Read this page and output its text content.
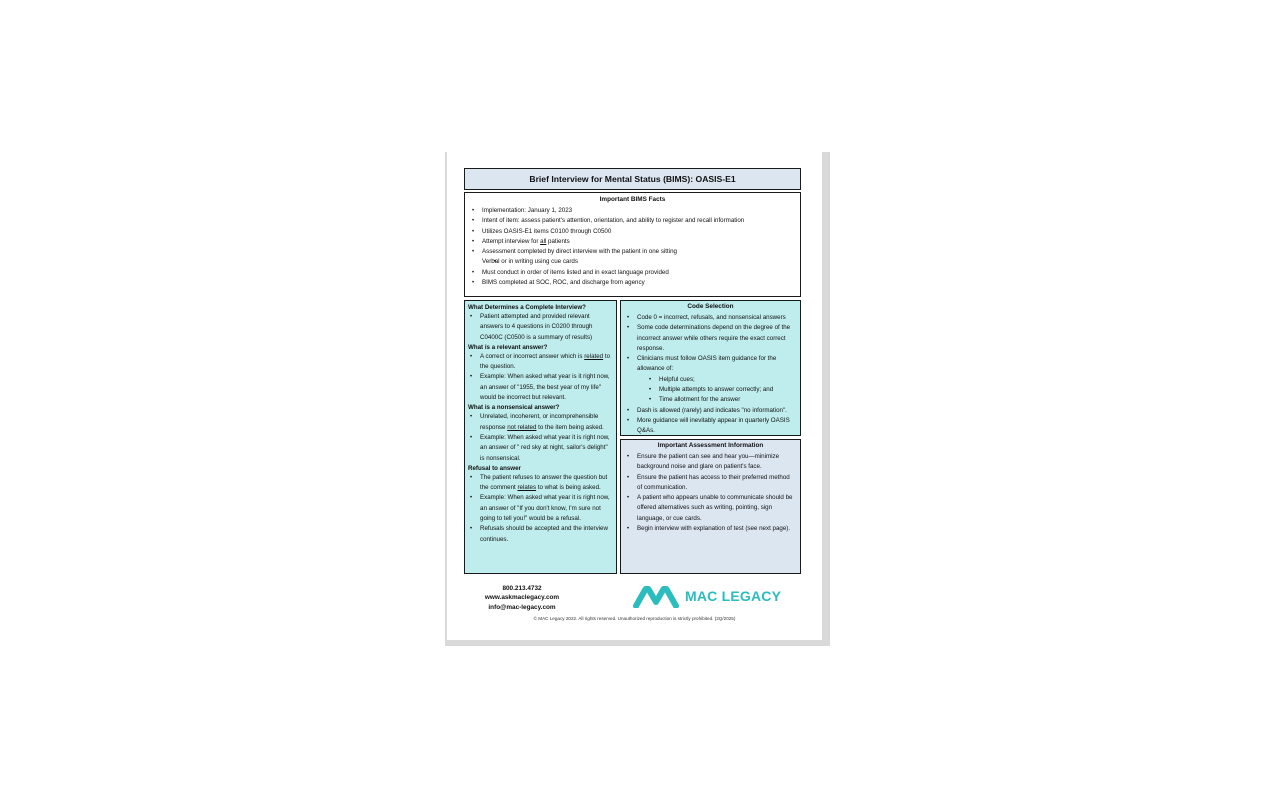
Brief Interview for Mental Status (BIMS): OASIS-E1
Important BIMS Facts
• Implementation: January 1, 2023
• Intent of item: assess patient's attention, orientation, and ability to register and recall information
• Utilizes OASIS-E1 items C0100 through C0500
• Attempt interview for all patients
• Assessment completed by direct interview with the patient in one sitting
• Verbal or in writing using cue cards
• Must conduct in order of items listed and in exact language provided
• BIMS completed at SOC, ROC, and discharge from agency
What Determines a Complete Interview?
• Patient attempted and provided relevant answers to 4 questions in C0200 through C0400C (C0500 is a summary of results)
What is a relevant answer?
• A correct or incorrect answer which is related to the question.
• Example: When asked what year is it right now, an answer of "1955, the best year of my life" would be incorrect but relevant.
What is a nonsensical answer?
• Unrelated, incoherent, or incomprehensible response not related to the item being asked.
• Example: When asked what year it is right now, an answer of " red sky at night, sailor's delight" is nonsensical.
Refusal to answer
• The patient refuses to answer the question but the comment relates to what is being asked.
• Example: When asked what year it is right now, an answer of "If you don't know, I'm sure not going to tell you!" would be a refusal.
• Refusals should be accepted and the interview continues.
Code Selection
• Code 0 = incorrect, refusals, and nonsensical answers
• Some code determinations depend on the degree of the incorrect answer while others require the exact correct response.
• Clinicians must follow OASIS item guidance for the allowance of:
• Helpful cues;
• Multiple attempts to answer correctly; and
• Time allotment for the answer
• Dash is allowed (rarely) and indicates "no information".
• More guidance will inevitably appear in quarterly OASIS Q&As.
Important Assessment Information
• Ensure the patient can see and hear you—minimize background noise and glare on patient's face.
• Ensure the patient has access to their preferred method of communication.
• A patient who appears unable to communicate should be offered alternatives such as writing, pointing, sign language, or cue cards.
• Begin interview with explanation of test (see next page).
800.213.4732
www.askmaclegacy.com
info@mac-legacy.com
MAC LEGACY
© MAC Legacy 2022. All rights reserved. Unauthorized reproduction is strictly prohibited. (2Q/2025)
